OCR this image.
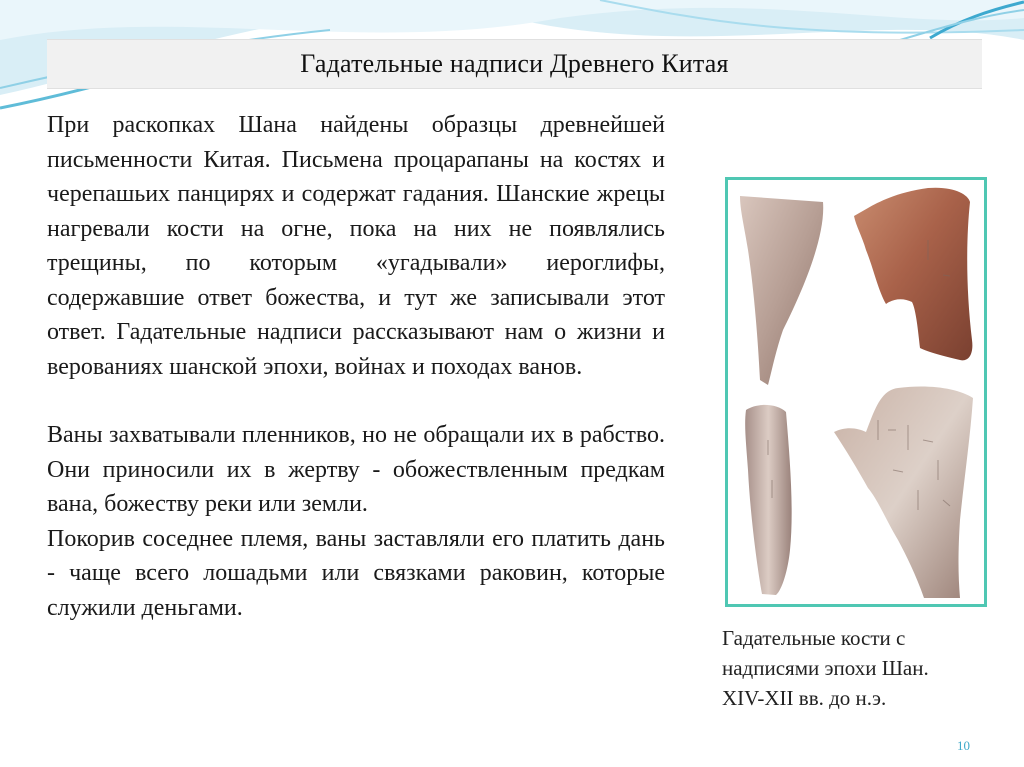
Гадательные надписи Древнего Китая

При раскопках Шана найдены образцы древнейшей письменности Китая. Письмена процарапаны на костях и черепашьих панцирях и содержат гадания. Шанские жрецы нагревали кости на огне, пока на них не появлялись трещины, по которым «угадывали» иероглифы, содержавшие ответ божества, и тут же записывали этот ответ. Гадательные надписи рассказывают нам о жизни и верованиях шанской эпохи, войнах и походах ванов.

Ваны захватывали пленников, но не обращали их в рабство. Они приносили их в жертву - обожествленным предкам вана, божеству реки или земли.

Покорив соседнее племя, ваны заставляли его платить дань - чаще всего лошадьми или связками раковин, которые служили деньгами.

Гадательные кости с
надписями эпохи Шан.
XIV-XII вв. до н.э.
10
